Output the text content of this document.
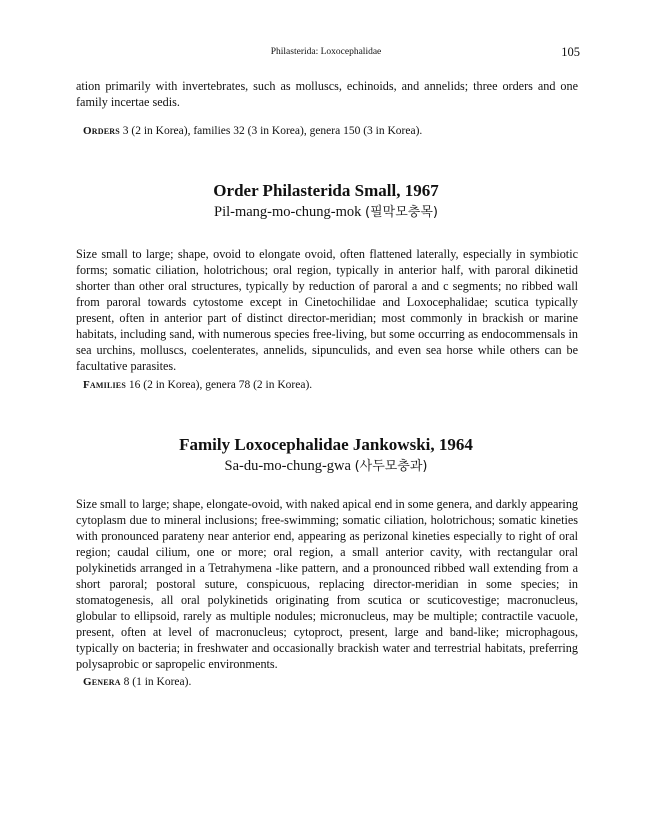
Philasterida: Loxocephalidae	105

ation primarily with invertebrates, such as molluscs, echinoids, and annelids; three orders and one family incertae sedis.

Orders 3 (2 in Korea), families 32 (3 in Korea), genera 150 (3 in Korea).

Order Philasterida Small, 1967

Pil-mang-mo-chung-mok (필막모충목)

Size small to large; shape, ovoid to elongate ovoid, often flattened laterally, especially in symbiotic forms; somatic ciliation, holotrichous; oral region, typically in anterior half, with paroral dikinetid shorter than other oral structures, typically by reduction of paroral a and c segments; no ribbed wall from paroral towards cytostome except in Cinetochilidae and Loxocephalidae; scutica typically present, often in anterior part of distinct director-meridian; most commonly in brackish or marine habitats, including sand, with numerous species free-living, but some occurring as endocommensals in sea urchins, molluscs, coelenterates, annelids, sipunculids, and even sea horse while others can be facultative parasites.

Families 16 (2 in Korea), genera 78 (2 in Korea).

Family Loxocephalidae Jankowski, 1964

Sa-du-mo-chung-gwa (사두모충과)

Size small to large; shape, elongate-ovoid, with naked apical end in some genera, and darkly appearing cytoplasm due to mineral inclusions; free-swimming; somatic ciliation, holotrichous; somatic kineties with pronounced parateny near anterior end, appearing as perizonal kineties especially to right of oral region; caudal cilium, one or more; oral region, a small anterior cavity, with rectangular oral polykinetids arranged in a Tetrahymena -like pattern, and a pronounced ribbed wall extending from a short paroral; postoral suture, conspicuous, replacing director-meridian in some species; in stomatogenesis, all oral polykinetids originating from scutica or scuticovestige; macronucleus, globular to ellipsoid, rarely as multiple nodules; micronucleus, may be multiple; contractile vacuole, present, often at level of macronucleus; cytoproct, present, large and band-like; microphagous, typically on bacteria; in freshwater and occasionally brackish water and terrestrial habitats, preferring polysaprobic or sapropelic environments.

Genera 8 (1 in Korea).
